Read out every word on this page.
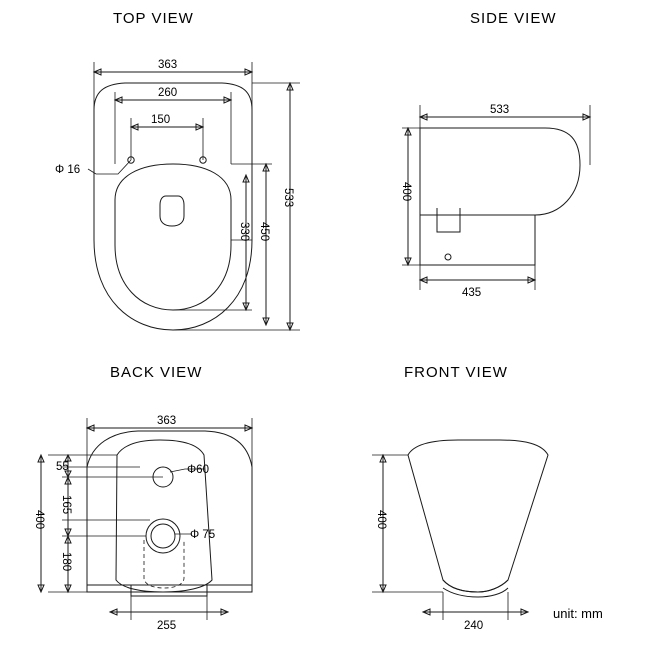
TOP VIEW	SIDE VIEW
BACK VIEW	FRONT VIEW
unit: mm
363
260
150
Φ 16
533
450
330
533
400
435
363
400
55
165
180
Φ60
Φ 75
255
400
240
